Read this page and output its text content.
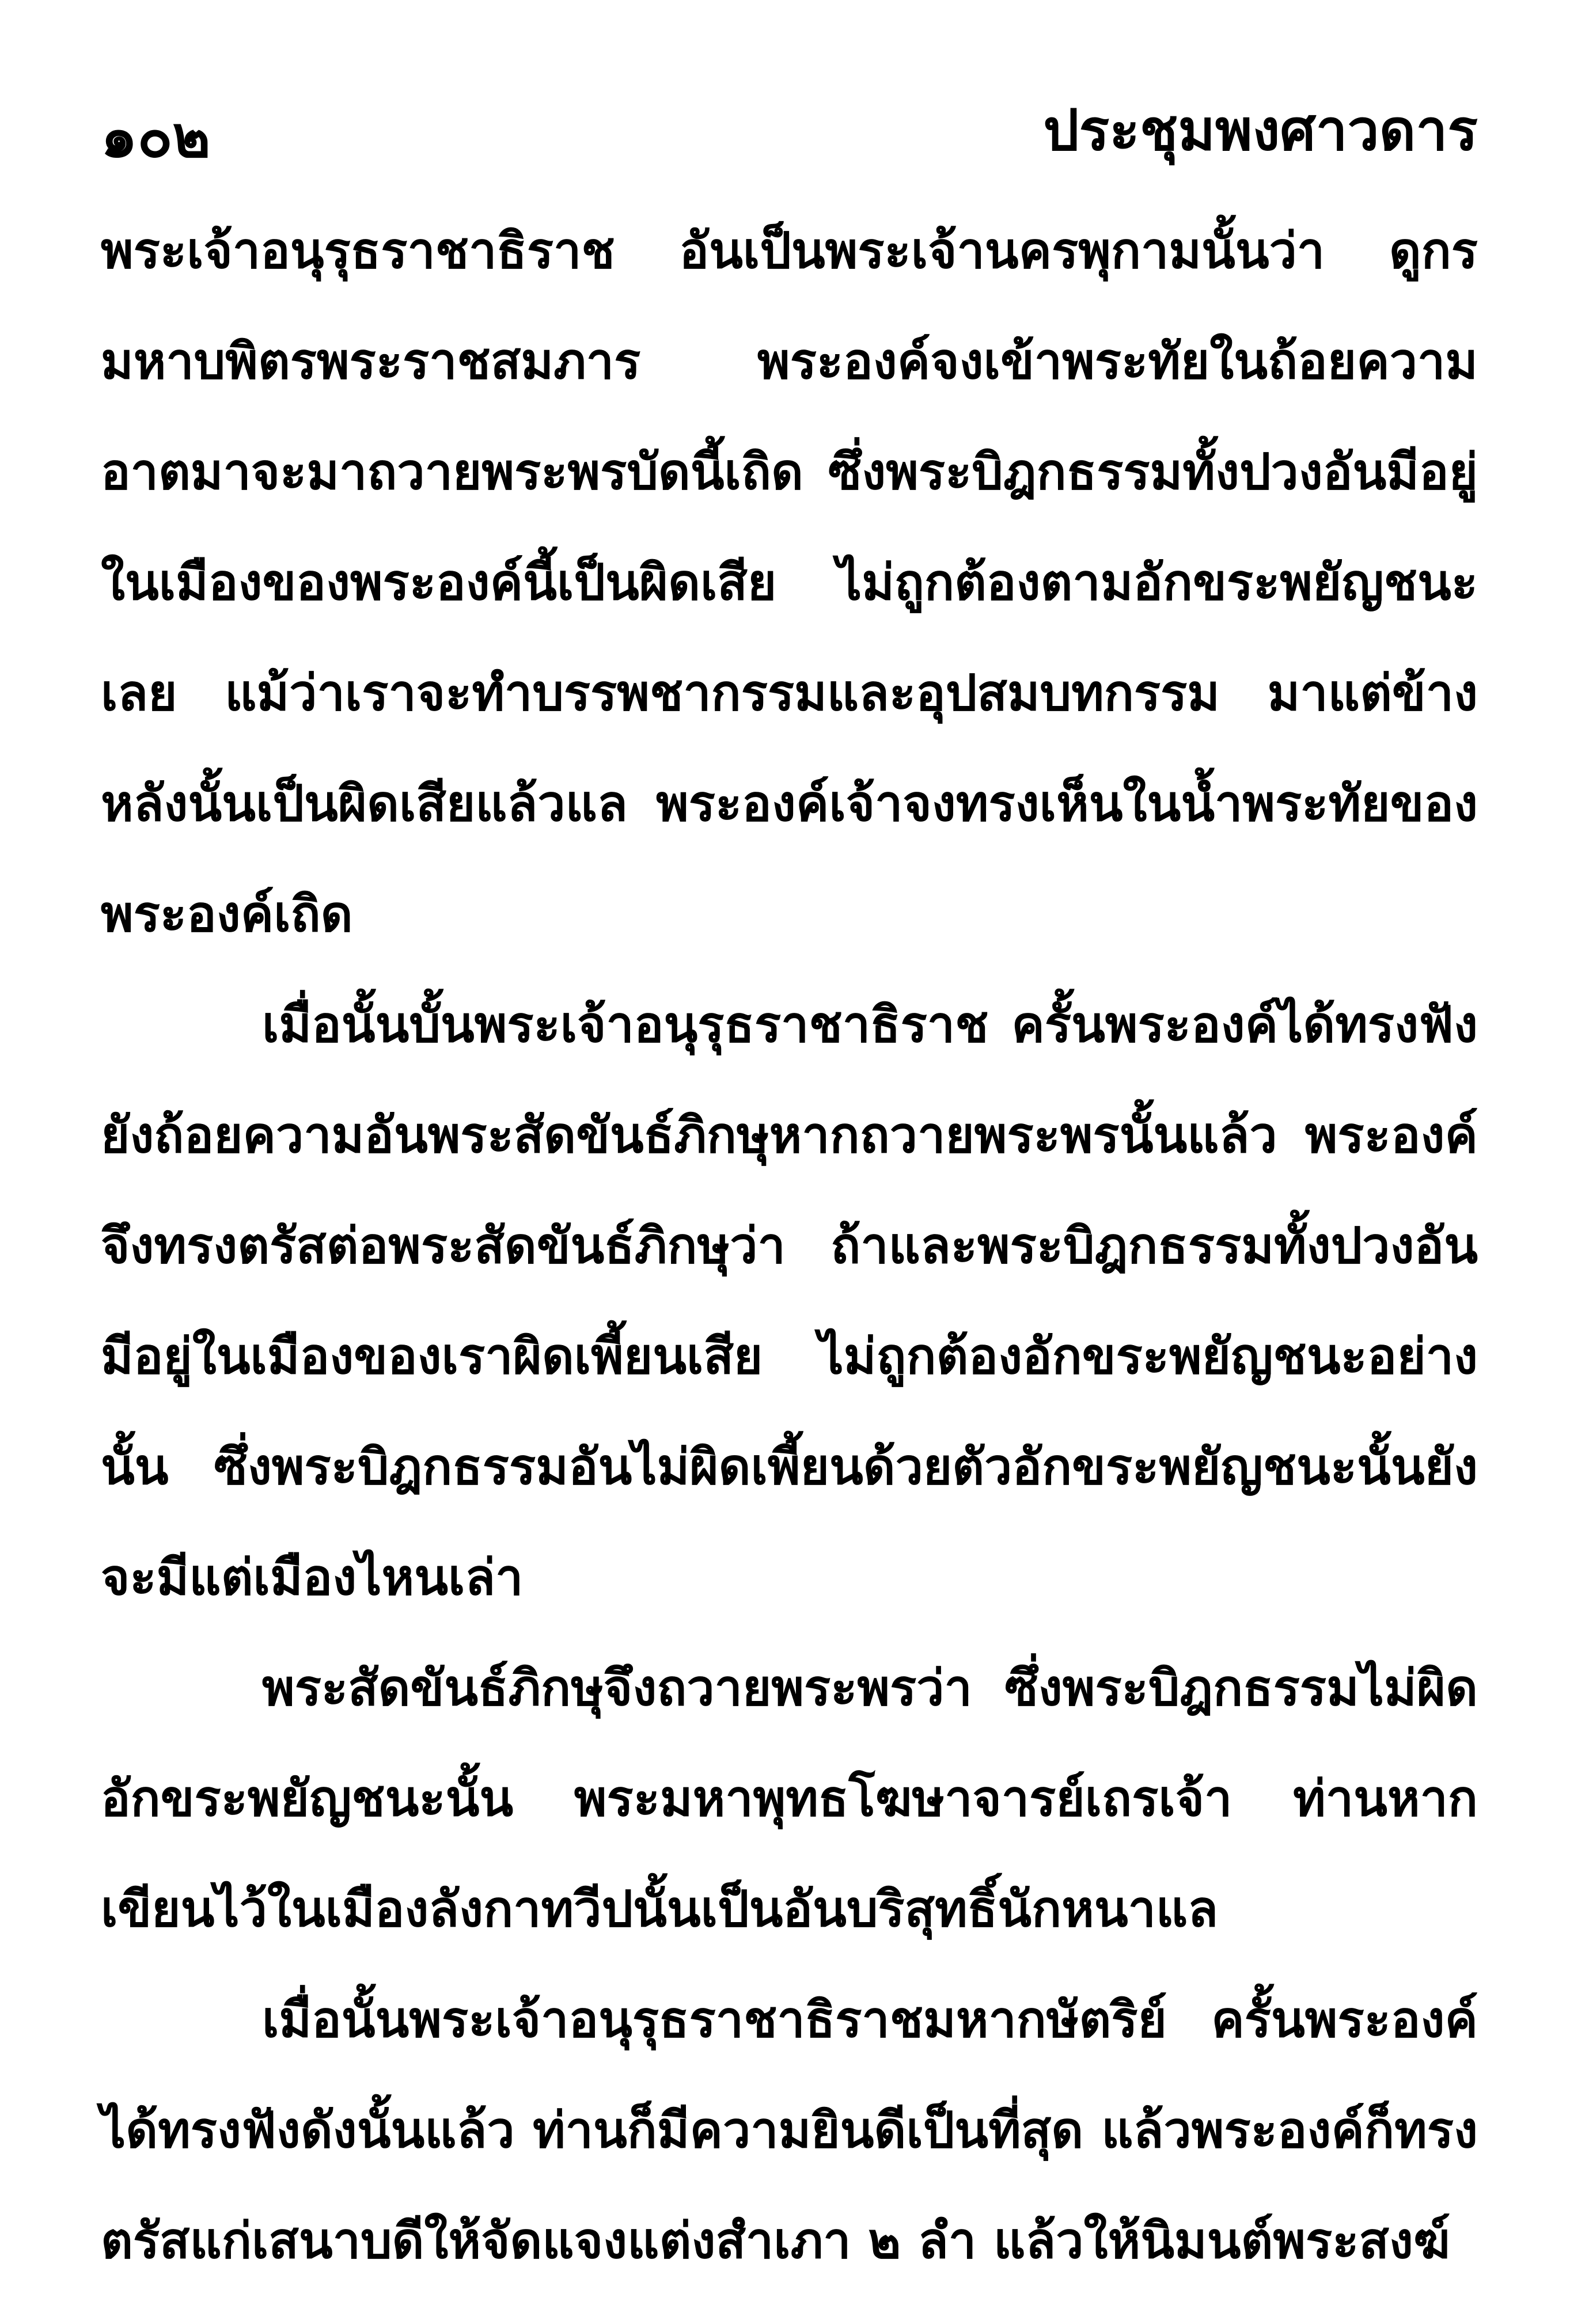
๑๐๒	ประชุมพงศาวดาร

พระเจ้าอนุรุธราชาธิราช อันเป็นพระเจ้านครพุกามนั้นว่า ดูกรมหาบพิตรพระราชสมภาร พระองค์จงเข้าพระทัยในถ้อยความอาตมาจะมาถวายพระพรบัดนี้เถิด ซึ่งพระบิฎกธรรมทั้งปวงอันมีอยู่ในเมืองของพระองค์นี้เป็นผิดเสีย ไม่ถูกต้องตามอักขระพยัญชนะเลย แม้ว่าเราจะทำบรรพชากรรมและอุปสมบทกรรม มาแต่ข้างหลังนั้นเป็นผิดเสียแล้วแล พระองค์เจ้าจงทรงเห็นในน้ำพระทัยของพระองค์เถิด

เมื่อนั้นบั้นพระเจ้าอนุรุธราชาธิราช ครั้นพระองค์ได้ทรงฟังยังถ้อยความอันพระสัดขันธ์ภิกษุหากถวายพระพรนั้นแล้ว พระองค์จึงทรงตรัสต่อพระสัดขันธ์ภิกษุว่า ถ้าและพระบิฎกธรรมทั้งปวงอันมีอยู่ในเมืองของเราผิดเพี้ยนเสีย ไม่ถูกต้องอักขระพยัญชนะอย่างนั้น ซึ่งพระบิฎกธรรมอันไม่ผิดเพี้ยนด้วยตัวอักขระพยัญชนะนั้นยังจะมีแต่เมืองไหนเล่า

พระสัดขันธ์ภิกษุจึงถวายพระพรว่า ซึ่งพระบิฎกธรรมไม่ผิดอักขระพยัญชนะนั้น พระมหาพุทธโฆษาจารย์เถรเจ้า ท่านหากเขียนไว้ในเมืองลังกาทวีปนั้นเป็นอันบริสุทธิ์นักหนาแล

เมื่อนั้นพระเจ้าอนุรุธราชาธิราชมหากษัตริย์ ครั้นพระองค์ได้ทรงฟังดังนั้นแล้ว ท่านก็มีความยินดีเป็นที่สุด แล้วพระองค์ก็ทรงตรัสแก่เสนาบดีให้จัดแจงแต่งสำเภา ๒ ลำ แล้วให้นิมนต์พระสงฆ์
